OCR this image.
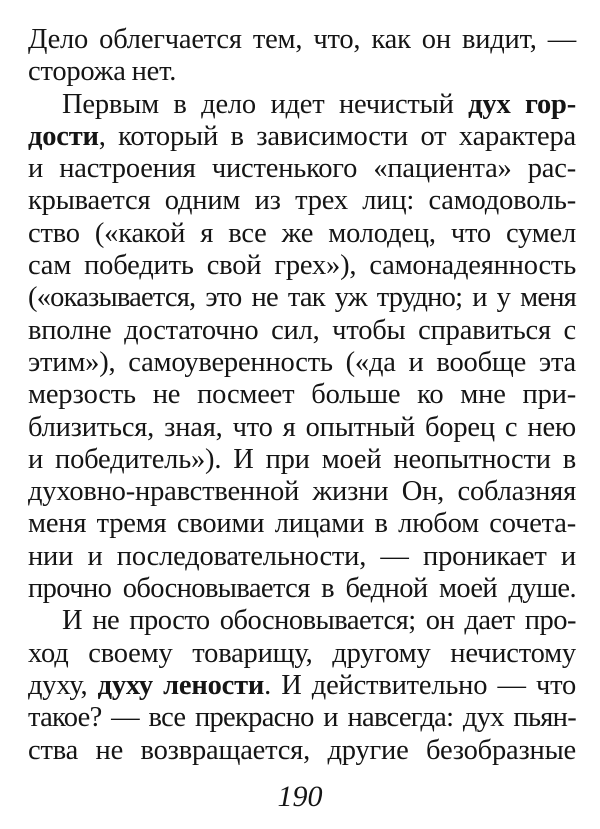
Дело облегчается тем, что, как он видит, —
сторожа нет.
Первым в дело идет нечистый дух гор-
дости, который в зависимости от характера
и настроения чистенького «пациента» рас-
крывается одним из трех лиц: самодоволь-
ство («какой я все же молодец, что сумел
сам победить свой грех»), самонадеянность
(«оказывается, это не так уж трудно; и у меня
вполне достаточно сил, чтобы справиться с
этим»), самоуверенность («да и вообще эта
мерзость не посмеет больше ко мне при-
близиться, зная, что я опытный борец с нею
и победитель»). И при моей неопытности в
духовно-нравственной жизни Он, соблазняя
меня тремя своими лицами в любом сочета-
нии и последовательности, — проникает и
прочно обосновывается в бедной моей душе.
И не просто обосновывается; он дает про-
ход своему товарищу, другому нечистому
духу, духу лености. И действительно — что
такое? — все прекрасно и навсегда: дух пьян-
ства не возвращается, другие безобразные
190
